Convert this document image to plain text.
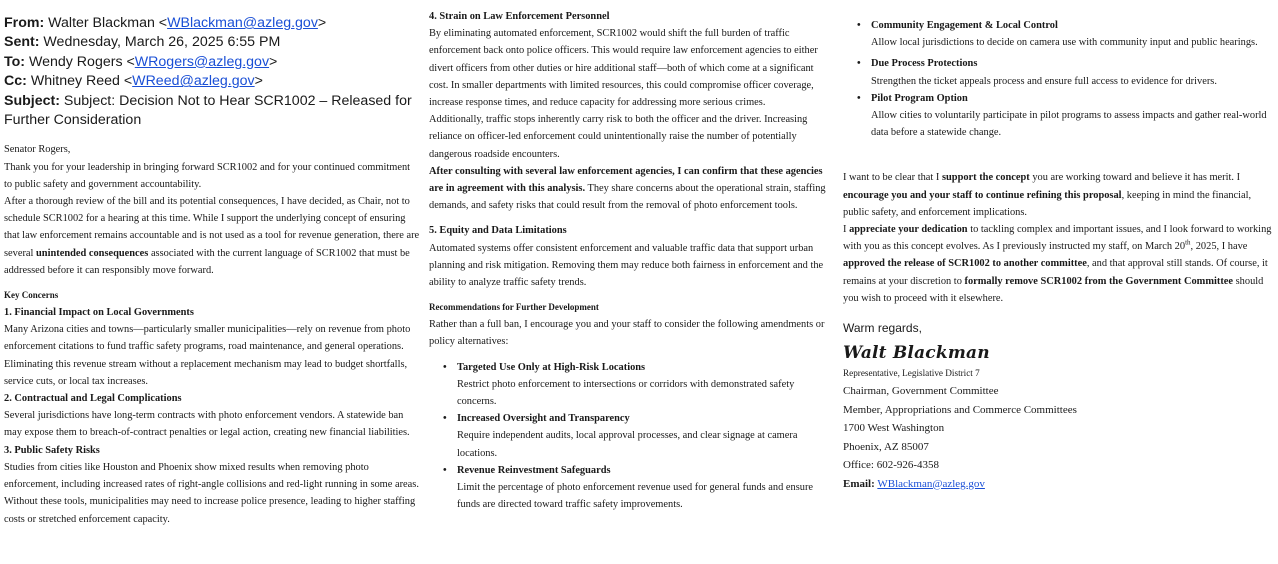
From: Walter Blackman <WBlackman@azleg.gov>
Sent: Wednesday, March 26, 2025 6:55 PM
To: Wendy Rogers <WRogers@azleg.gov>
Cc: Whitney Reed <WReed@azleg.gov>
Subject: Subject: Decision Not to Hear SCR1002 – Released for Further Consideration

Senator Rogers,

Thank you for your leadership in bringing forward SCR1002 and for your continued commitment to public safety and government accountability.

After a thorough review of the bill and its potential consequences, I have decided, as Chair, not to schedule SCR1002 for a hearing at this time. While I support the underlying concept of ensuring that law enforcement remains accountable and is not used as a tool for revenue generation, there are several unintended consequences associated with the current language of SCR1002 that must be addressed before it can responsibly move forward.

Key Concerns

1. Financial Impact on Local Governments

Many Arizona cities and towns—particularly smaller municipalities—rely on revenue from photo enforcement citations to fund traffic safety programs, road maintenance, and general operations. Eliminating this revenue stream without a replacement mechanism may lead to budget shortfalls, service cuts, or local tax increases.

2. Contractual and Legal Complications

Several jurisdictions have long-term contracts with photo enforcement vendors. A statewide ban may expose them to breach-of-contract penalties or legal action, creating new financial liabilities.

3. Public Safety Risks

Studies from cities like Houston and Phoenix show mixed results when removing photo enforcement, including increased rates of right-angle collisions and red-light running in some areas. Without these tools, municipalities may need to increase police presence, leading to higher staffing costs or stretched enforcement capacity.

4. Strain on Law Enforcement Personnel

By eliminating automated enforcement, SCR1002 would shift the full burden of traffic enforcement back onto police officers. This would require law enforcement agencies to either divert officers from other duties or hire additional staff—both of which come at a significant cost. In smaller departments with limited resources, this could compromise officer coverage, increase response times, and reduce capacity for addressing more serious crimes.

Additionally, traffic stops inherently carry risk to both the officer and the driver. Increasing reliance on officer-led enforcement could unintentionally raise the number of potentially dangerous roadside encounters.

After consulting with several law enforcement agencies, I can confirm that these agencies are in agreement with this analysis. They share concerns about the operational strain, staffing demands, and safety risks that could result from the removal of photo enforcement tools.

5. Equity and Data Limitations

Automated systems offer consistent enforcement and valuable traffic data that support urban planning and risk mitigation. Removing them may reduce both fairness in enforcement and the ability to analyze traffic safety trends.

Recommendations for Further Development

Rather than a full ban, I encourage you and your staff to consider the following amendments or policy alternatives:

• Targeted Use Only at High-Risk Locations
Restrict photo enforcement to intersections or corridors with demonstrated safety concerns.
• Increased Oversight and Transparency
Require independent audits, local approval processes, and clear signage at camera locations.
• Revenue Reinvestment Safeguards
Limit the percentage of photo enforcement revenue used for general funds and ensure funds are directed toward traffic safety improvements.
• Community Engagement & Local Control
Allow local jurisdictions to decide on camera use with community input and public hearings.
• Due Process Protections
Strengthen the ticket appeals process and ensure full access to evidence for drivers.
• Pilot Program Option
Allow cities to voluntarily participate in pilot programs to assess impacts and gather real-world data before a statewide change.

I want to be clear that I support the concept you are working toward and believe it has merit. I encourage you and your staff to continue refining this proposal, keeping in mind the financial, public safety, and enforcement implications.

I appreciate your dedication to tackling complex and important issues, and I look forward to working with you as this concept evolves. As I previously instructed my staff, on March 20th, 2025, I have approved the release of SCR1002 to another committee, and that approval still stands. Of course, it remains at your discretion to formally remove SCR1002 from the Government Committee should you wish to proceed with it elsewhere.

Warm regards,

Walt Blackman

Representative, Legislative District 7

Chairman, Government Committee

Member, Appropriations and Commerce Committees

1700 West Washington

Phoenix, AZ 85007

Office: 602-926-4358

Email: WBlackman@azleg.gov
